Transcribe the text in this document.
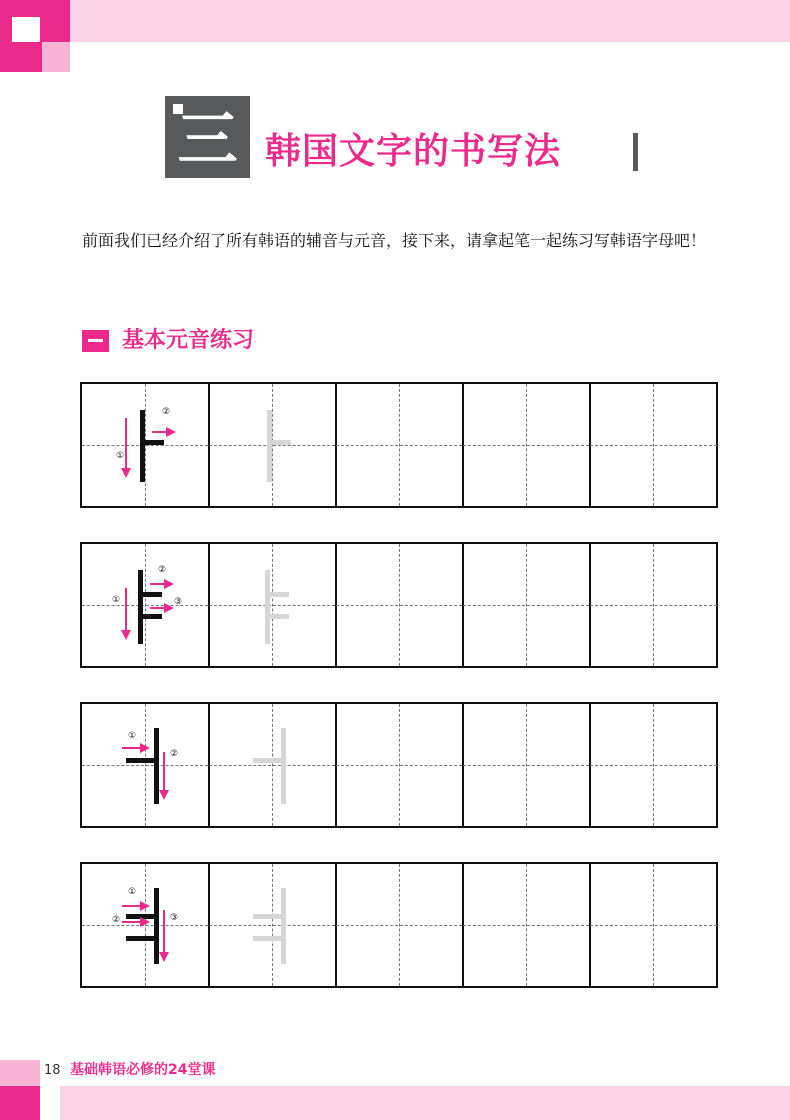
三 韩国文字的书写法
前面我们已经介绍了所有韩语的辅音与元音，接下来，请拿起笔一起练习写韩语字母吧！
基本元音练习
①
②
①
②
③
①
②
①
②	③
18 基础韩语必修的24堂课
